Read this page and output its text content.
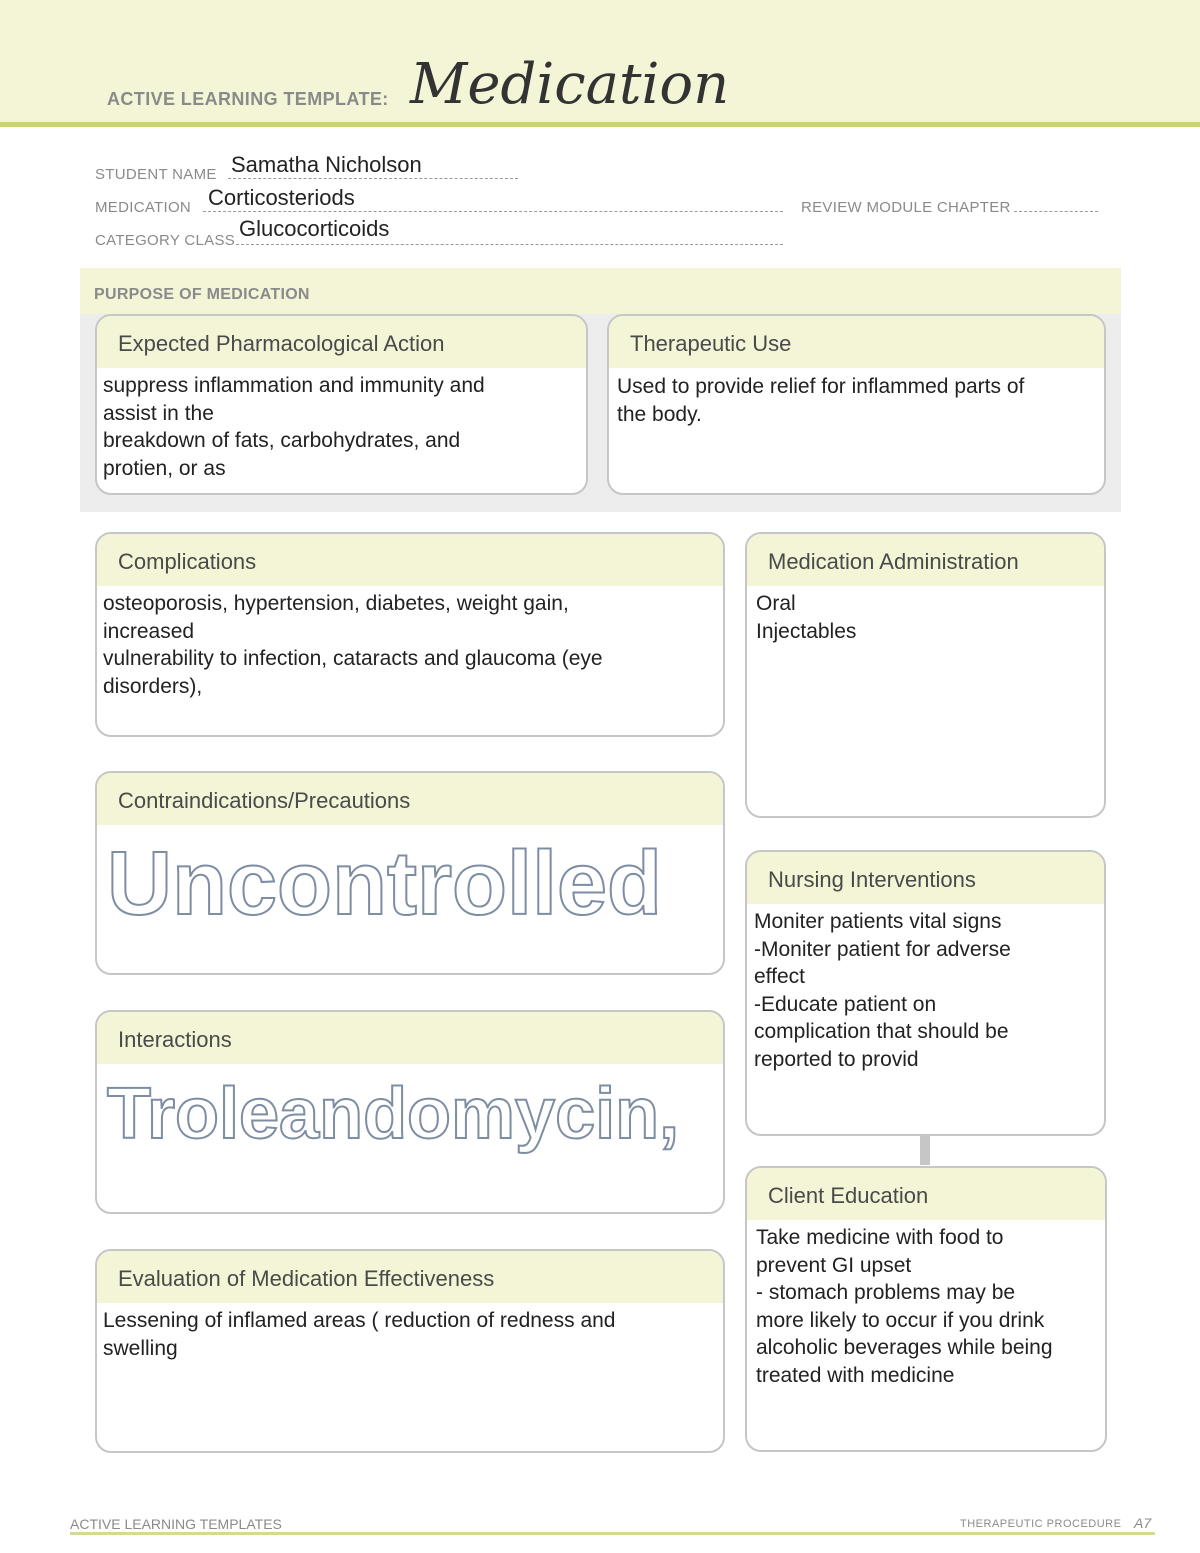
ACTIVE LEARNING TEMPLATE: Medication
STUDENT NAME Samatha Nicholson
MEDICATION Corticosteriods	REVIEW MODULE CHAPTER
CATEGORY CLASS Glucocorticoids
PURPOSE OF MEDICATION
Expected Pharmacological Action
suppress inflammation and immunity and
assist in the
breakdown of fats, carbohydrates, and
protien, or as
Therapeutic Use
Used to provide relief for inflammed parts of
the body.
Complications
osteoporosis, hypertension, diabetes, weight gain,
increased
vulnerability to infection, cataracts and glaucoma (eye
disorders),
Medication Administration
Oral
Injectables
Contraindications/Precautions
Uncontrolled	Nursing Interventions
Moniter patients vital signs
-Moniter patient for adverse
effect
-Educate patient on
complication that should be
reported to provid
Interactions
Troleandomycin,
Client Education
Take medicine with food to
prevent GI upset
- stomach problems may be
more likely to occur if you drink
alcoholic beverages while being
treated with medicine
Evaluation of Medication Effectiveness
Lessening of inflamed areas ( reduction of redness and
swelling
ACTIVE LEARNING TEMPLATES	THERAPEUTIC PROCEDURE A7
